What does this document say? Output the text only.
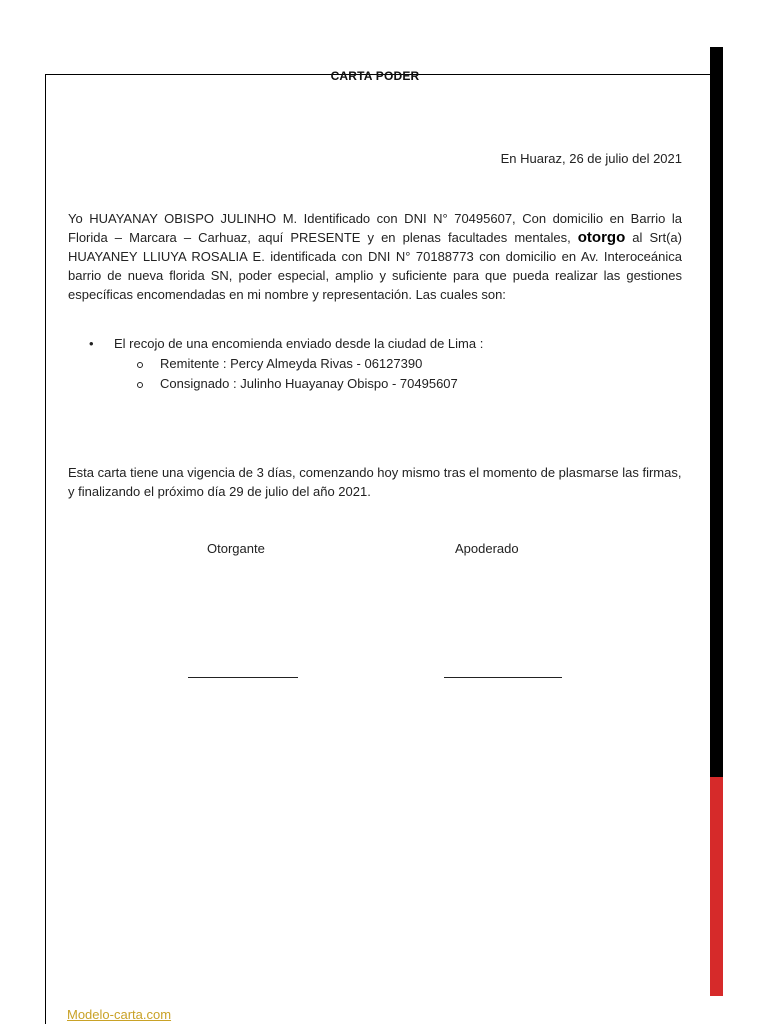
CARTA PODER
En Huaraz, 26 de julio del 2021
Yo HUAYANAY OBISPO JULINHO M. Identificado con DNI N° 70495607, Con domicilio en Barrio la Florida – Marcara – Carhuaz, aquí PRESENTE y en plenas facultades mentales, otorgo al Srt(a) HUAYANEY LLIUYA ROSALIA E. identificada con DNI N° 70188773 con domicilio en Av. Interoceánica barrio de nueva florida SN, poder especial, amplio y suficiente para que pueda realizar las gestiones específicas encomendadas en mi nombre y representación. Las cuales son:
• El recojo de una encomienda enviado desde la ciudad de Lima :
Remitente : Percy Almeyda Rivas - 06127390
Consignado : Julinho Huayanay Obispo - 70495607
Esta carta tiene una vigencia de 3 días, comenzando hoy mismo tras el momento de plasmarse las firmas, y finalizando el próximo día 29 de julio del año 2021.
Otorgante	Apoderado
Modelo-carta.com
